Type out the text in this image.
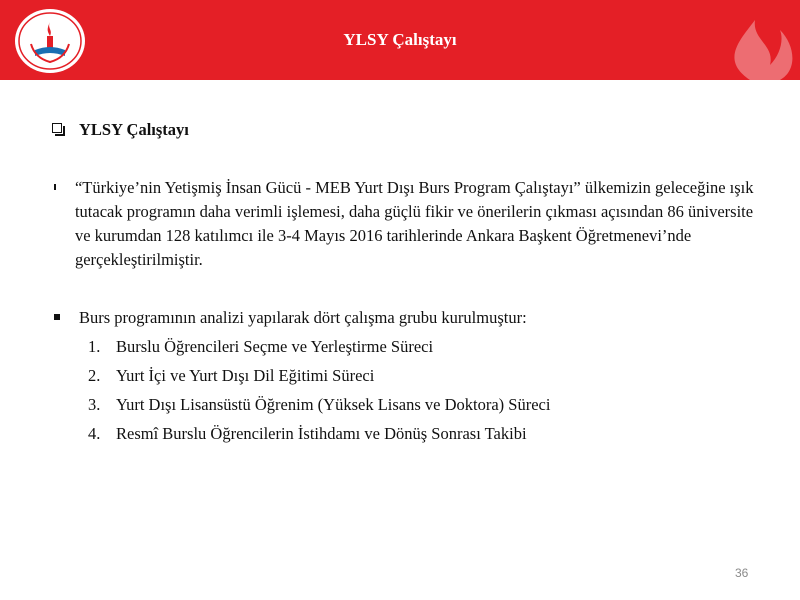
YLSY Çalıştayı
YLSY Çalıştayı
“Türkiye’nin Yetişmiş İnsan Gücü - MEB Yurt Dışı Burs Program Çalıştayı” ülkemizin geleceğine ışık tutacak programın daha verimli işlemesi, daha güçlü fikir ve önerilerin çıkması açısından 86 üniversite ve kurumdan 128 katılımcı ile 3-4 Mayıs 2016 tarihlerinde Ankara Başkent Öğretmenevi’nde gerçekleştirilmiştir.
Burs programının analizi yapılarak dört çalışma grubu kurulmuştur:
1. Burslu Öğrencileri Seçme ve Yerleştirme Süreci
2. Yurt İçi ve Yurt Dışı Dil Eğitimi Süreci
3. Yurt Dışı Lisansüstü Öğrenim (Yüksek Lisans ve Doktora) Süreci
4. Resmî Burslu Öğrencilerin İstihdamı ve Dönüş Sonrası Takibi
36
